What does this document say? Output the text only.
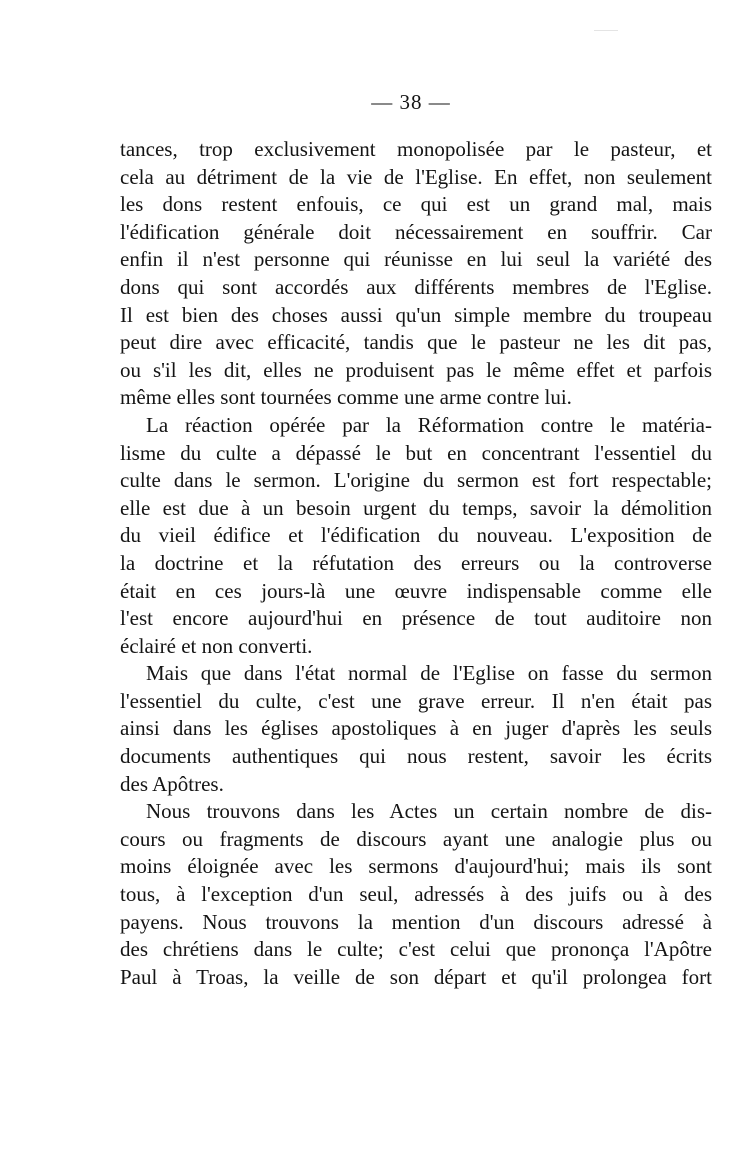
— 38 —
tances, trop exclusivement monopolisée par le pasteur, et
cela au détriment de la vie de l'Eglise. En effet, non seulement
les dons restent enfouis, ce qui est un grand mal, mais
l'édification générale doit nécessairement en souffrir. Car
enfin il n'est personne qui réunisse en lui seul la variété des
dons qui sont accordés aux différents membres de l'Eglise.
Il est bien des choses aussi qu'un simple membre du troupeau
peut dire avec efficacité, tandis que le pasteur ne les dit pas,
ou s'il les dit, elles ne produisent pas le même effet et parfois
même elles sont tournées comme une arme contre lui.
La réaction opérée par la Réformation contre le matéria-
lisme du culte a dépassé le but en concentrant l'essentiel du
culte dans le sermon. L'origine du sermon est fort respectable;
elle est due à un besoin urgent du temps, savoir la démolition
du vieil édifice et l'édification du nouveau. L'exposition de
la doctrine et la réfutation des erreurs ou la controverse
était en ces jours-là une œuvre indispensable comme elle
l'est encore aujourd'hui en présence de tout auditoire non
éclairé et non converti.
Mais que dans l'état normal de l'Eglise on fasse du sermon
l'essentiel du culte, c'est une grave erreur. Il n'en était pas
ainsi dans les églises apostoliques à en juger d'après les seuls
documents authentiques qui nous restent, savoir les écrits
des Apôtres.
Nous trouvons dans les Actes un certain nombre de dis-
cours ou fragments de discours ayant une analogie plus ou
moins éloignée avec les sermons d'aujourd'hui; mais ils sont
tous, à l'exception d'un seul, adressés à des juifs ou à des
payens. Nous trouvons la mention d'un discours adressé à
des chrétiens dans le culte; c'est celui que prononça l'Apôtre
Paul à Troas, la veille de son départ et qu'il prolongea fort
